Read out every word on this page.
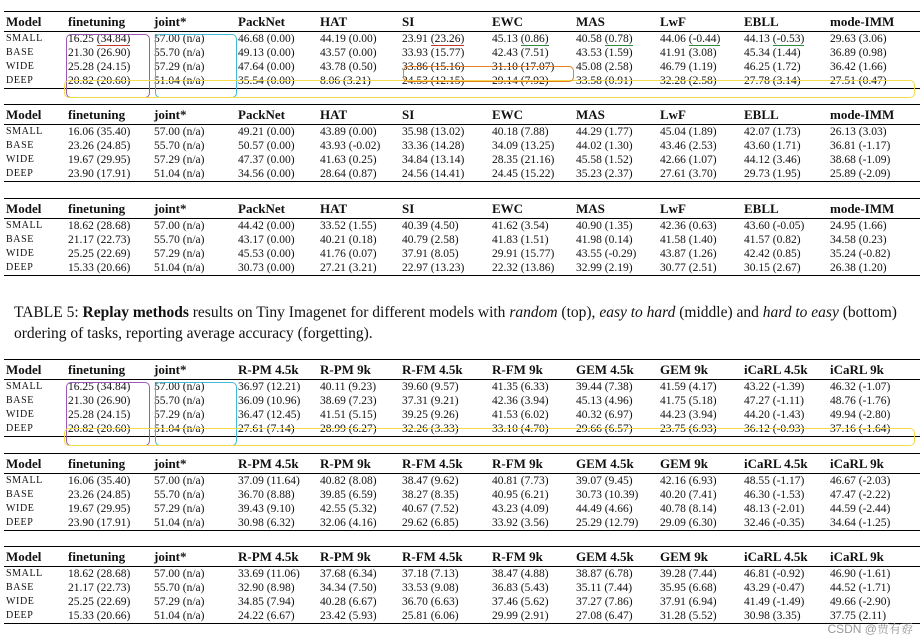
Model	finetuning	joint*	PackNet	HAT	SI	EWC	MAS	LwF	EBLL	mode-IMM
SMALL	16.25 (34.84)	57.00 (n/a)	46.68 (0.00)	44.19 (0.00)	23.91 (23.26)	45.13 (0.86)	40.58 (0.78)	44.06 (-0.44)	44.13 (-0.53)	29.63 (3.06)
BASE	21.30 (26.90)	55.70 (n/a)	49.13 (0.00)	43.57 (0.00)	33.93 (15.77)	42.43 (7.51)	43.53 (1.59)	41.91 (3.08)	45.34 (1.44)	36.89 (0.98)
WIDE	25.28 (24.15)	57.29 (n/a)	47.64 (0.00)	43.78 (0.50)	33.86 (15.16)	31.10 (17.07)	45.08 (2.58)	46.79 (1.19)	46.25 (1.72)	36.42 (1.66)
DEEP	20.82 (20.60)	51.04 (n/a)	35.54 (0.00)	8.06 (3.21)	24.53 (12.15)	29.14 (7.92)	33.58 (0.91)	32.28 (2.58)	27.78 (3.14)	27.51 (0.47)
Model	finetuning	joint*	PackNet	HAT	SI	EWC	MAS	LwF	EBLL	mode-IMM
SMALL	16.06 (35.40)	57.00 (n/a)	49.21 (0.00)	43.89 (0.00)	35.98 (13.02)	40.18 (7.88)	44.29 (1.77)	45.04 (1.89)	42.07 (1.73)	26.13 (3.03)
BASE	23.26 (24.85)	55.70 (n/a)	50.57 (0.00)	43.93 (-0.02)	33.36 (14.28)	34.09 (13.25)	44.02 (1.30)	43.46 (2.53)	43.60 (1.71)	36.81 (-1.17)
WIDE	19.67 (29.95)	57.29 (n/a)	47.37 (0.00)	41.63 (0.25)	34.84 (13.14)	28.35 (21.16)	45.58 (1.52)	42.66 (1.07)	44.12 (3.46)	38.68 (-1.09)
DEEP	23.90 (17.91)	51.04 (n/a)	34.56 (0.00)	28.64 (0.87)	24.56 (14.41)	24.45 (15.22)	35.23 (2.37)	27.61 (3.70)	29.73 (1.95)	25.89 (-2.09)
Model	finetuning	joint*	PackNet	HAT	SI	EWC	MAS	LwF	EBLL	mode-IMM
SMALL	18.62 (28.68)	57.00 (n/a)	44.42 (0.00)	33.52 (1.55)	40.39 (4.50)	41.62 (3.54)	40.90 (1.35)	42.36 (0.63)	43.60 (-0.05)	24.95 (1.66)
BASE	21.17 (22.73)	55.70 (n/a)	43.17 (0.00)	40.21 (0.18)	40.79 (2.58)	41.83 (1.51)	41.98 (0.14)	41.58 (1.40)	41.57 (0.82)	34.58 (0.23)
WIDE	25.25 (22.69)	57.29 (n/a)	45.53 (0.00)	41.76 (0.07)	37.91 (8.05)	29.91 (15.77)	43.55 (-0.29)	43.87 (1.26)	42.42 (0.85)	35.24 (-0.82)
DEEP	15.33 (20.66)	51.04 (n/a)	30.73 (0.00)	27.21 (3.21)	22.97 (13.23)	22.32 (13.86)	32.99 (2.19)	30.77 (2.51)	30.15 (2.67)	26.38 (1.20)
TABLE 5: Replay methods results on Tiny Imagenet for different models with random (top), easy to hard (middle) and hard to easy (bottom) ordering of tasks, reporting average accuracy (forgetting).
Model	finetuning	joint*	R-PM 4.5k	R-PM 9k	R-FM 4.5k	R-FM 9k	GEM 4.5k	GEM 9k	iCaRL 4.5k	iCaRL 9k
SMALL	16.25 (34.84)	57.00 (n/a)	36.97 (12.21)	40.11 (9.23)	39.60 (9.57)	41.35 (6.33)	39.44 (7.38)	41.59 (4.17)	43.22 (-1.39)	46.32 (-1.07)
BASE	21.30 (26.90)	55.70 (n/a)	36.09 (10.96)	38.69 (7.23)	37.31 (9.21)	42.36 (3.94)	45.13 (4.96)	41.75 (5.18)	47.27 (-1.11)	48.76 (-1.76)
WIDE	25.28 (24.15)	57.29 (n/a)	36.47 (12.45)	41.51 (5.15)	39.25 (9.26)	41.53 (6.02)	40.32 (6.97)	44.23 (3.94)	44.20 (-1.43)	49.94 (-2.80)
DEEP	20.82 (20.60)	51.04 (n/a)	27.61 (7.14)	28.99 (6.27)	32.26 (3.33)	33.10 (4.70)	29.66 (6.57)	23.75 (6.93)	36.12 (-0.93)	37.16 (-1.64)
Model	finetuning	joint*	R-PM 4.5k	R-PM 9k	R-FM 4.5k	R-FM 9k	GEM 4.5k	GEM 9k	iCaRL 4.5k	iCaRL 9k
SMALL	16.06 (35.40)	57.00 (n/a)	37.09 (11.64)	40.82 (8.08)	38.47 (9.62)	40.81 (7.73)	39.07 (9.45)	42.16 (6.93)	48.55 (-1.17)	46.67 (-2.03)
BASE	23.26 (24.85)	55.70 (n/a)	36.70 (8.88)	39.85 (6.59)	38.27 (8.35)	40.95 (6.21)	30.73 (10.39)	40.20 (7.41)	46.30 (-1.53)	47.47 (-2.22)
WIDE	19.67 (29.95)	57.29 (n/a)	39.43 (9.10)	42.55 (5.32)	40.67 (7.52)	43.23 (4.09)	44.49 (4.66)	40.78 (8.14)	48.13 (-2.01)	44.59 (-2.44)
DEEP	23.90 (17.91)	51.04 (n/a)	30.98 (6.32)	32.06 (4.16)	29.62 (6.85)	33.92 (3.56)	25.29 (12.79)	29.09 (6.30)	32.46 (-0.35)	34.64 (-1.25)
Model	finetuning	joint*	R-PM 4.5k	R-PM 9k	R-FM 4.5k	R-FM 9k	GEM 4.5k	GEM 9k	iCaRL 4.5k	iCaRL 9k
SMALL	18.62 (28.68)	57.00 (n/a)	33.69 (11.06)	37.68 (6.34)	37.18 (7.13)	38.47 (4.88)	38.87 (6.78)	39.28 (7.44)	46.81 (-0.92)	46.90 (-1.61)
BASE	21.17 (22.73)	55.70 (n/a)	32.90 (8.98)	34.34 (7.50)	33.53 (9.08)	36.83 (5.43)	35.11 (7.44)	35.95 (6.68)	43.29 (-0.47)	44.52 (-1.71)
WIDE	25.25 (22.69)	57.29 (n/a)	34.85 (7.94)	40.28 (6.67)	36.70 (6.63)	37.46 (5.62)	37.27 (7.86)	37.91 (6.94)	41.49 (-1.49)	49.66 (-2.90)
DEEP	15.33 (20.66)	51.04 (n/a)	24.22 (6.67)	23.42 (5.93)	25.81 (6.06)	29.99 (2.91)	27.08 (6.47)	31.28 (5.52)	30.98 (3.35)	37.75 (2.11)
CSDN @贾有孬
